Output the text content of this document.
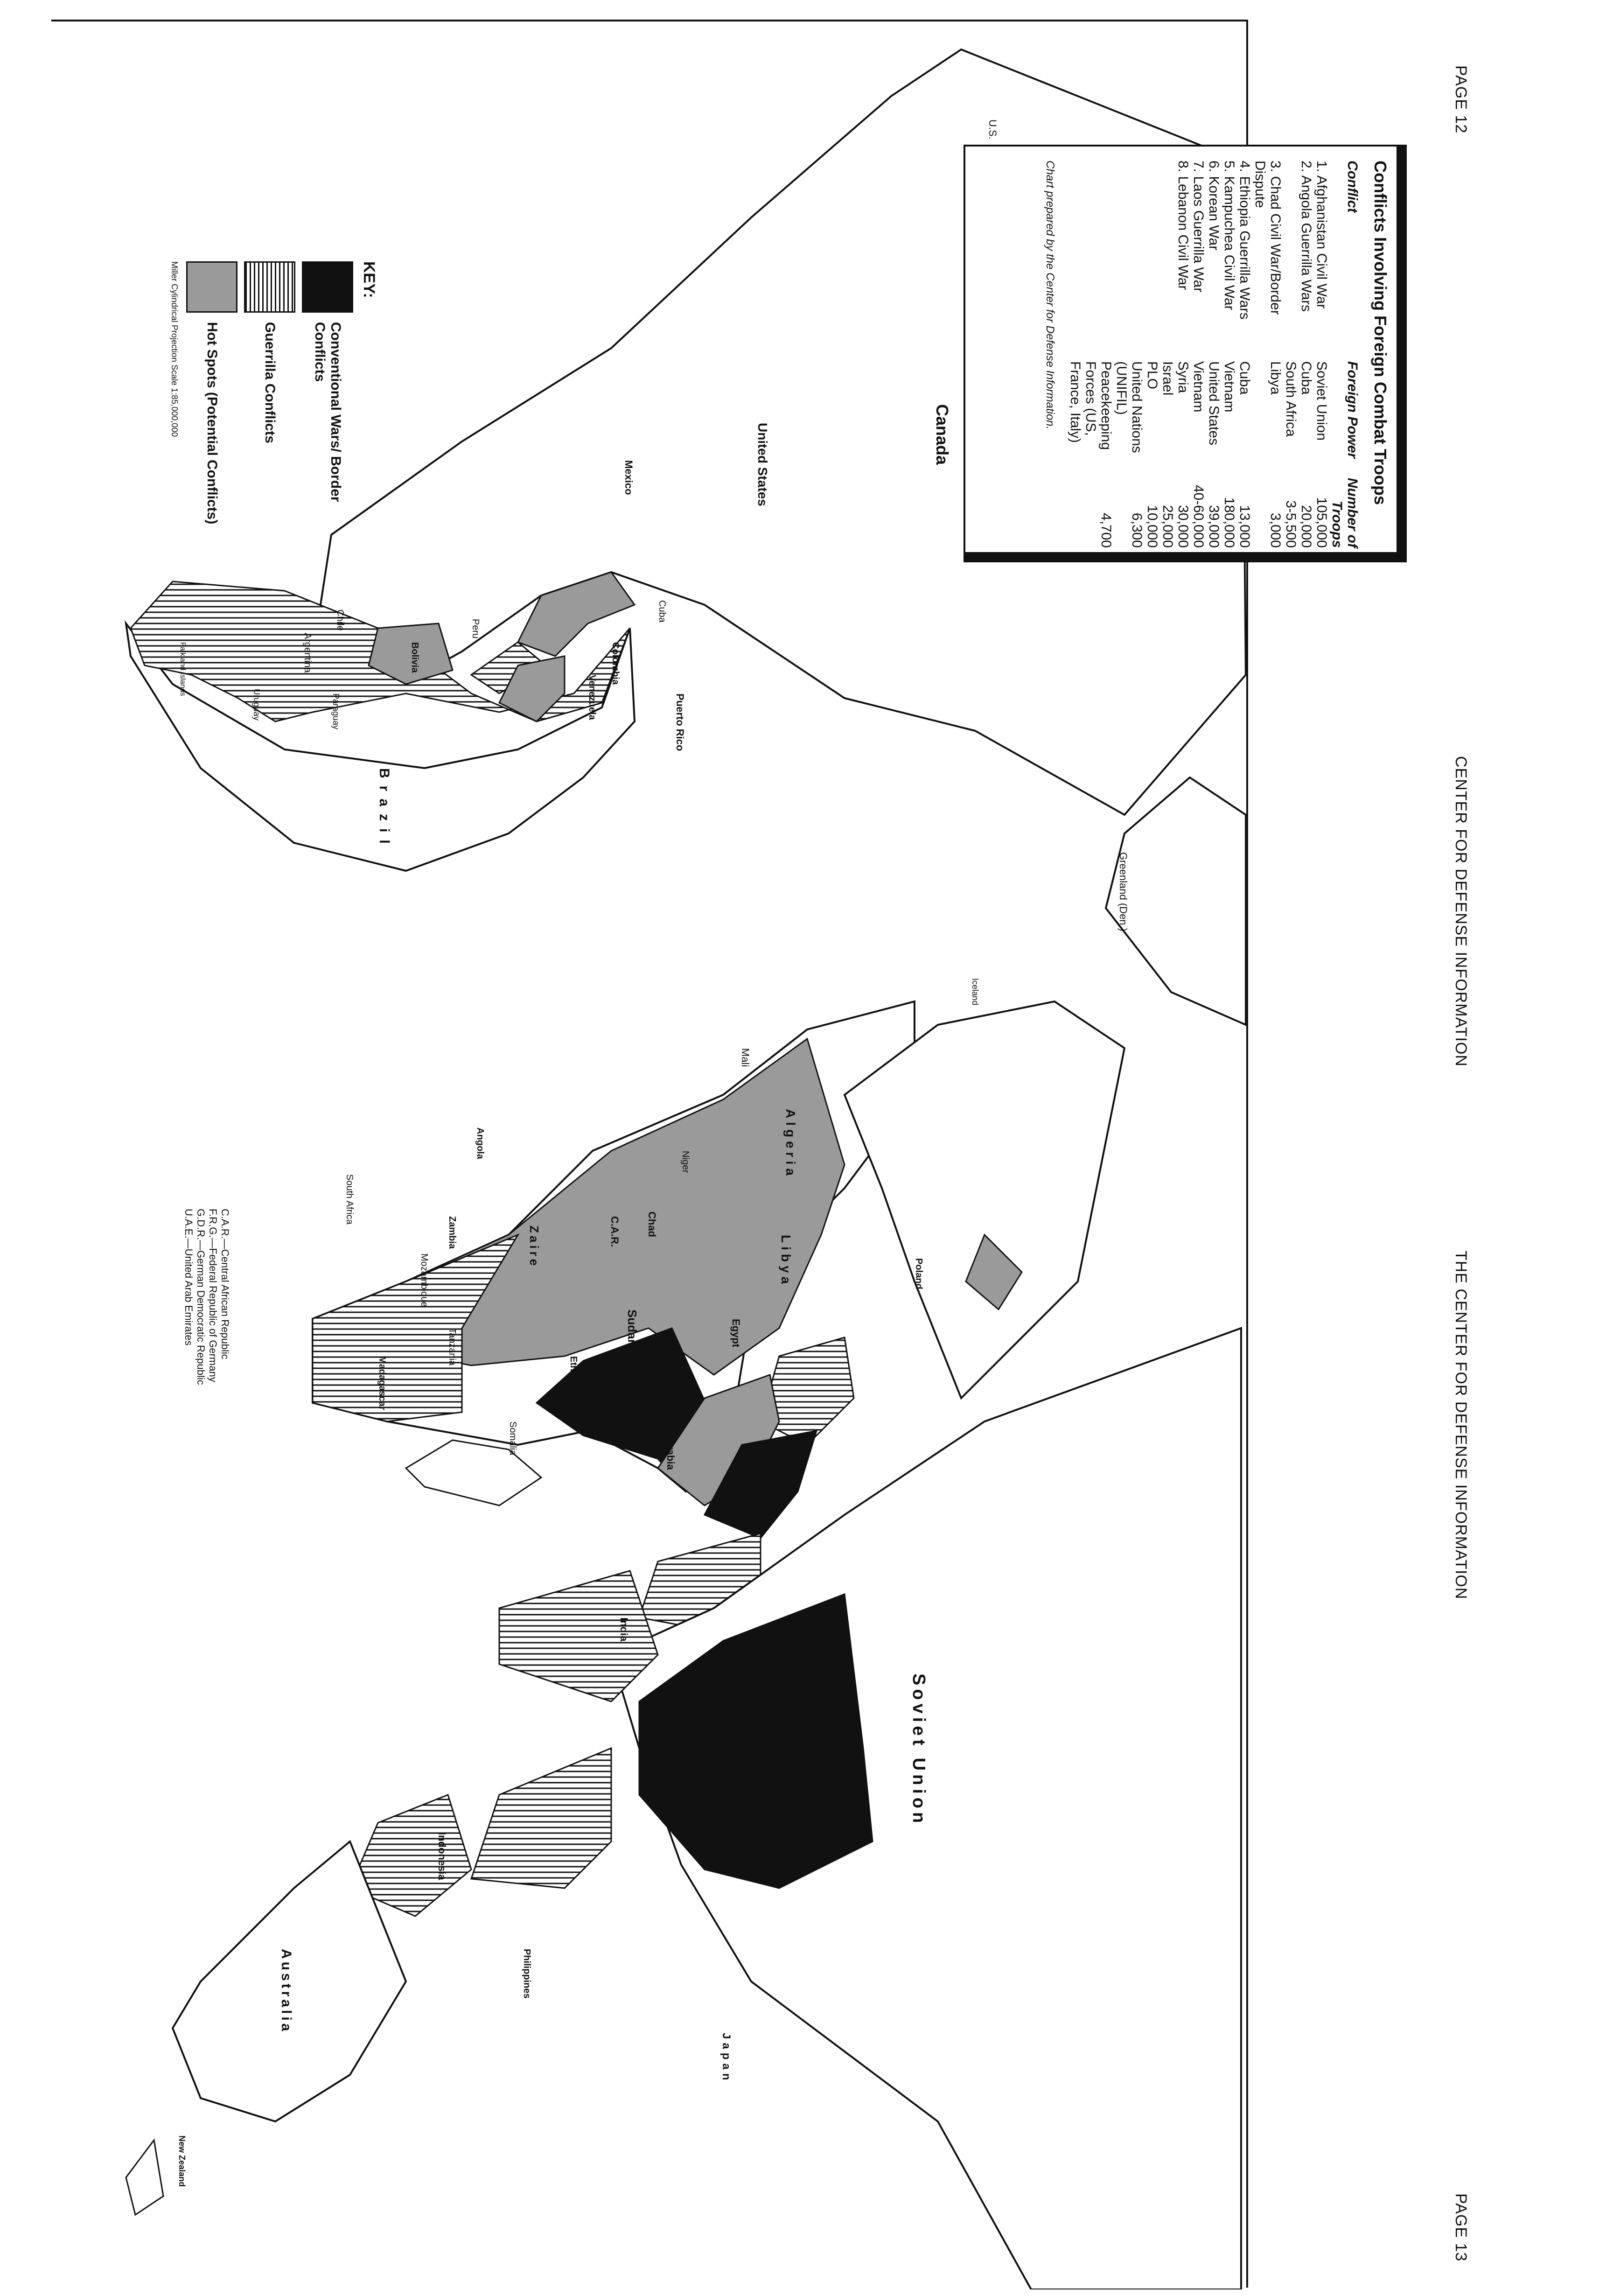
PAGE 12
CENTER FOR DEFENSE INFORMATION
THE CENTER FOR DEFENSE INFORMATION
PAGE 13
Canada
United States
U.S.
Greenland (Den.)
Mexico
Cuba
Puerto Rico
Venezuela
Colombia
Peru
Bolivia
Brazil
Chile
Argentina
Paraguay
Uruguay
Falkland Islands
Iceland
Algeria
Libya
Mali
Niger
Chad
Sudan	Egypt
C.A.R.
Zaire
Angola
Zambia
Mozambique
Madagascar
Tanzania
South Africa
Ethiopia
Somalia	Saudi Arabia
Poland
Soviet Union
Mongolia
India
Indonesia
Philippines
Australia
Japan
New Zealand
Conflicts Involving Foreign Combat Troops
Conflict
Foreign Power
Number of Troops
1. Afghanistan Civil War
Soviet Union
105,000
2. Angola Guerrilla Wars
Cuba
20,000
South Africa
3-5,500
3. Chad Civil War/Border Dispute
Libya
3,000
4. Ethiopia Guerrilla Wars
Cuba
13,000
5. Kampuchea Civil War
Vietnam
180,000
6. Korean War
United States
39,000
7. Laos Guerrilla War
Vietnam
40-60,000
8. Lebanon Civil War
Syria
30,000
Israel
25,000
PLO
10,000
United Nations (UNIFIL)
6,300
Peacekeeping Forces (US, France, Italy)
4,700
Chart prepared by the Center for Defense Information.
KEY:
Conventional Wars/ Border Conflicts
Guerrilla Conflicts
Hot Spots (Potential Conflicts)
Miller Cylindrical Projection Scale 1:85,000,000
C.A.R.—Central African Republic
F.R.G.—Federal Republic of Germany
G.D.R.—German Democratic Republic
U.A.E.—United Arab Emirates
